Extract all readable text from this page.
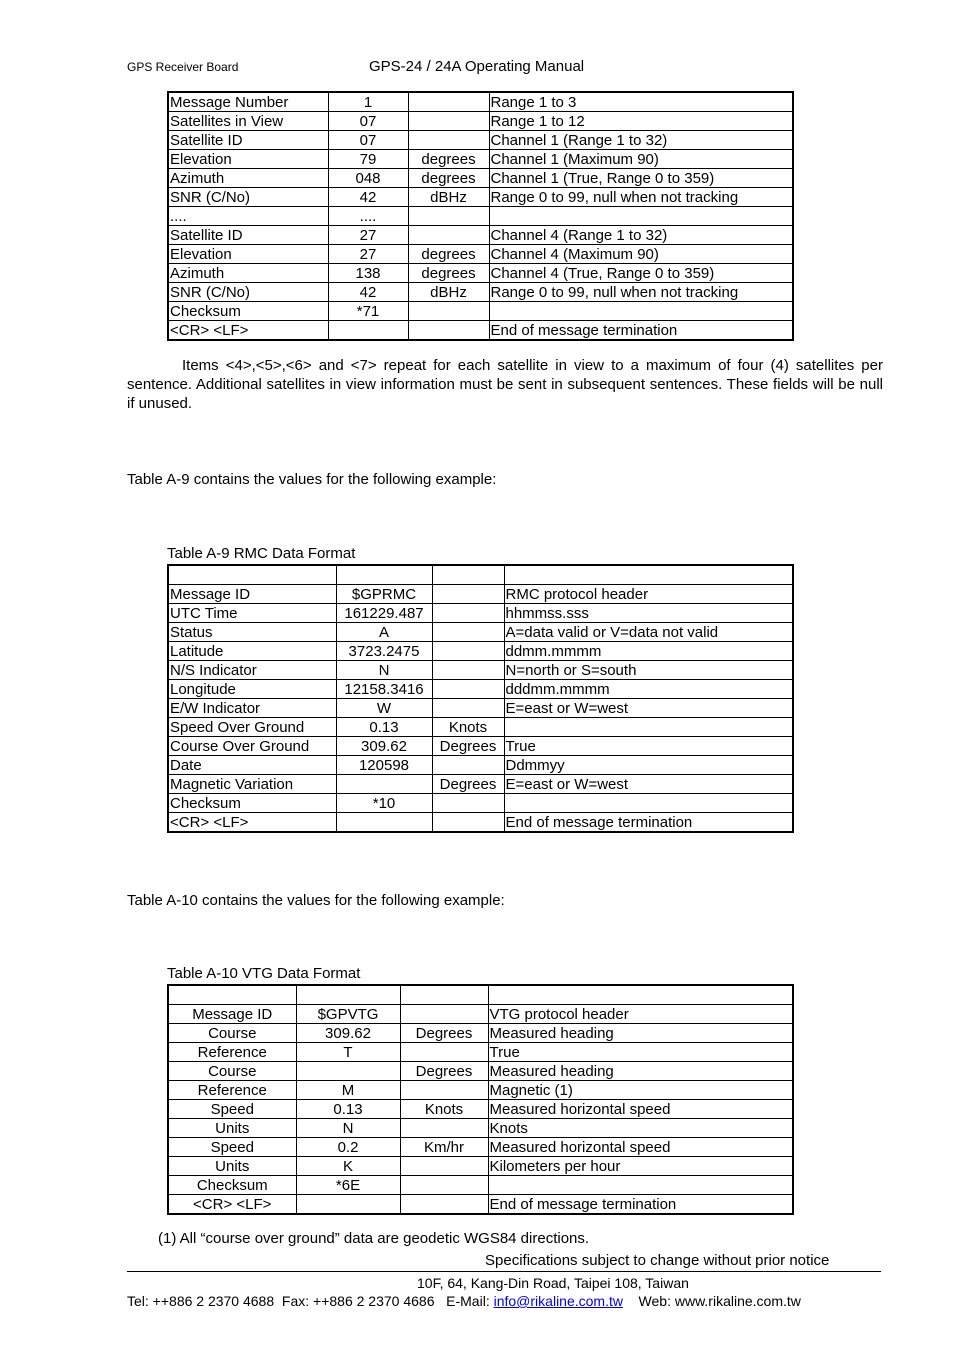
GPS Receiver Board	GPS-24 / 24A Operating Manual
Message Number	1		Range 1 to 3
Satellites in View	07		Range 1 to 12
Satellite ID	07		Channel 1 (Range 1 to 32)
Elevation	79	degrees	Channel 1 (Maximum 90)
Azimuth	048	degrees	Channel 1 (True, Range 0 to 359)
SNR (C/No)	42	dBHz	Range 0 to 99, null when not tracking
....	....		
Satellite ID	27		Channel 4 (Range 1 to 32)
Elevation	27	degrees	Channel 4 (Maximum 90)
Azimuth	138	degrees	Channel 4 (True, Range 0 to 359)
SNR (C/No)	42	dBHz	Range 0 to 99, null when not tracking
Checksum	*71		
<CR> <LF>			End of message termination
Items <4>,<5>,<6> and <7> repeat for each satellite in view to a maximum of four (4) satellites per sentence. Additional satellites in view information must be sent in subsequent sentences. These fields will be null if unused.
Table A-9 contains the values for the following example:
Table A-9 RMC Data Format

Message ID	$GPRMC		RMC protocol header
UTC Time	161229.487		hhmmss.sss
Status	A		A=data valid or V=data not valid
Latitude	3723.2475		ddmm.mmmm
N/S Indicator	N		N=north or S=south
Longitude	12158.3416		dddmm.mmmm
E/W Indicator	W		E=east or W=west
Speed Over Ground	0.13	Knots	
Course Over Ground	309.62	Degrees	True
Date	120598		Ddmmyy
Magnetic Variation		Degrees	E=east or W=west
Checksum	*10		
<CR> <LF>			End of message termination
Table A-10 contains the values for the following example:
Table A-10 VTG Data Format

Message ID	$GPVTG		VTG protocol header
Course	309.62	Degrees	Measured heading
Reference	T		True
Course		Degrees	Measured heading
Reference	M		Magnetic (1)
Speed	0.13	Knots	Measured horizontal speed
Units	N		Knots
Speed	0.2	Km/hr	Measured horizontal speed
Units	K		Kilometers per hour
Checksum	*6E		
<CR> <LF>			End of message termination
(1) All “course over ground” data are geodetic WGS84 directions.
Specifications subject to change without prior notice
10F, 64, Kang-Din Road, Taipei 108, Taiwan
Tel: ++886 2 2370 4688  Fax: ++886 2 2370 4686   E-Mail: info@rikaline.com.tw Web: www.rikaline.com.tw
